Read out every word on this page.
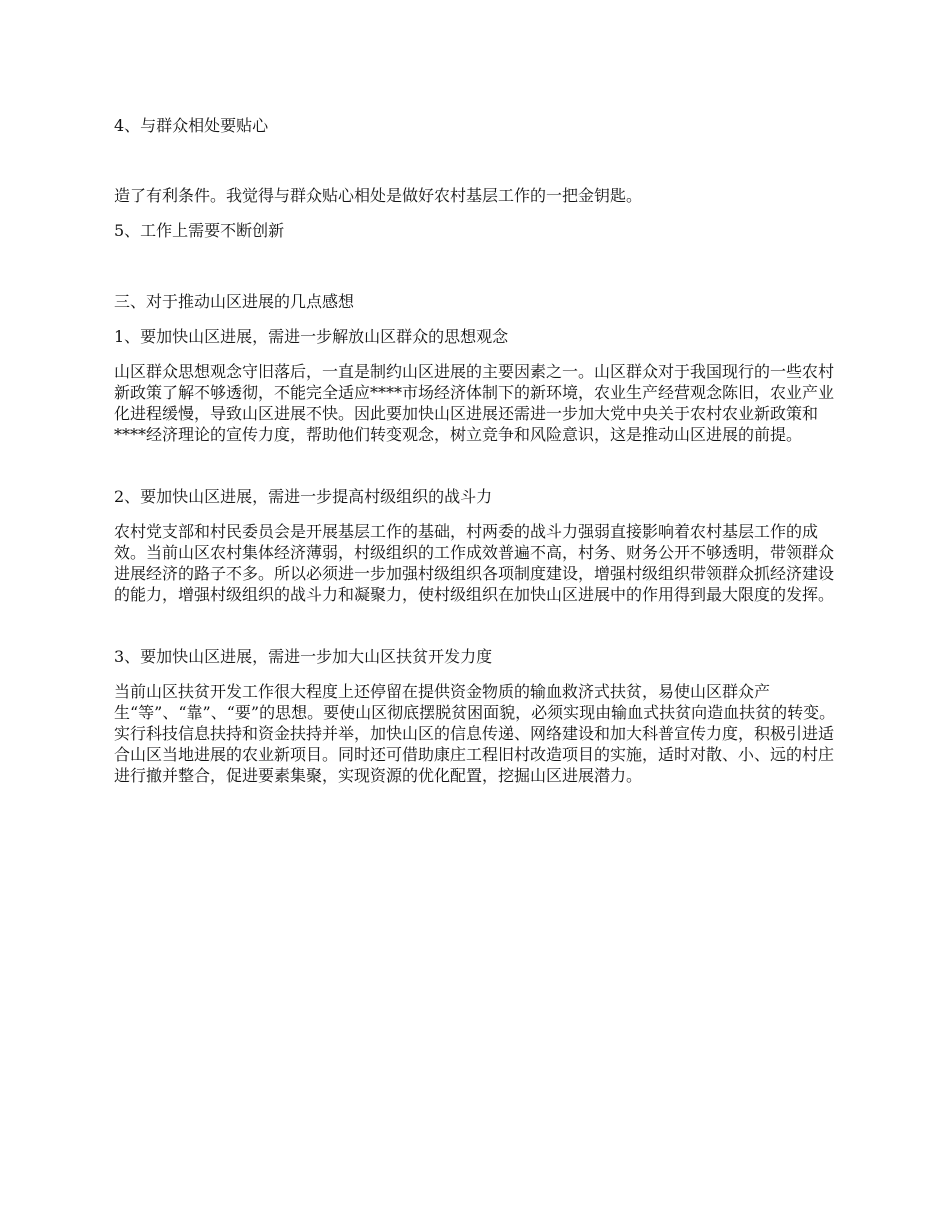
4、与群众相处要贴心

造了有利条件。我觉得与群众贴心相处是做好农村基层工作的一把金钥匙。

5、工作上需要不断创新

三、对于推动山区进展的几点感想

1、要加快山区进展，需进一步解放山区群众的思想观念

山区群众思想观念守旧落后，一直是制约山区进展的主要因素之一。山区群众对于我国现行的一些农村新政策了解不够透彻，不能完全适应****市场经济体制下的新环境，农业生产经营观念陈旧，农业产业化进程缓慢，导致山区进展不快。因此要加快山区进展还需进一步加大党中央关于农村农业新政策和****经济理论的宣传力度，帮助他们转变观念，树立竞争和风险意识，这是推动山区进展的前提。

2、要加快山区进展，需进一步提高村级组织的战斗力

农村党支部和村民委员会是开展基层工作的基础，村两委的战斗力强弱直接影响着农村基层工作的成效。当前山区农村集体经济薄弱，村级组织的工作成效普遍不高，村务、财务公开不够透明，带领群众进展经济的路子不多。所以必须进一步加强村级组织各项制度建设，增强村级组织带领群众抓经济建设的能力，增强村级组织的战斗力和凝聚力，使村级组织在加快山区进展中的作用得到最大限度的发挥。

3、要加快山区进展，需进一步加大山区扶贫开发力度

当前山区扶贫开发工作很大程度上还停留在提供资金物质的输血救济式扶贫，易使山区群众产生“等”、“靠”、“要”的思想。要使山区彻底摆脱贫困面貌，必须实现由输血式扶贫向造血扶贫的转变。实行科技信息扶持和资金扶持并举，加快山区的信息传递、网络建设和加大科普宣传力度，积极引进适合山区当地进展的农业新项目。同时还可借助康庄工程旧村改造项目的实施，适时对散、小、远的村庄进行撤并整合，促进要素集聚，实现资源的优化配置，挖掘山区进展潜力。
